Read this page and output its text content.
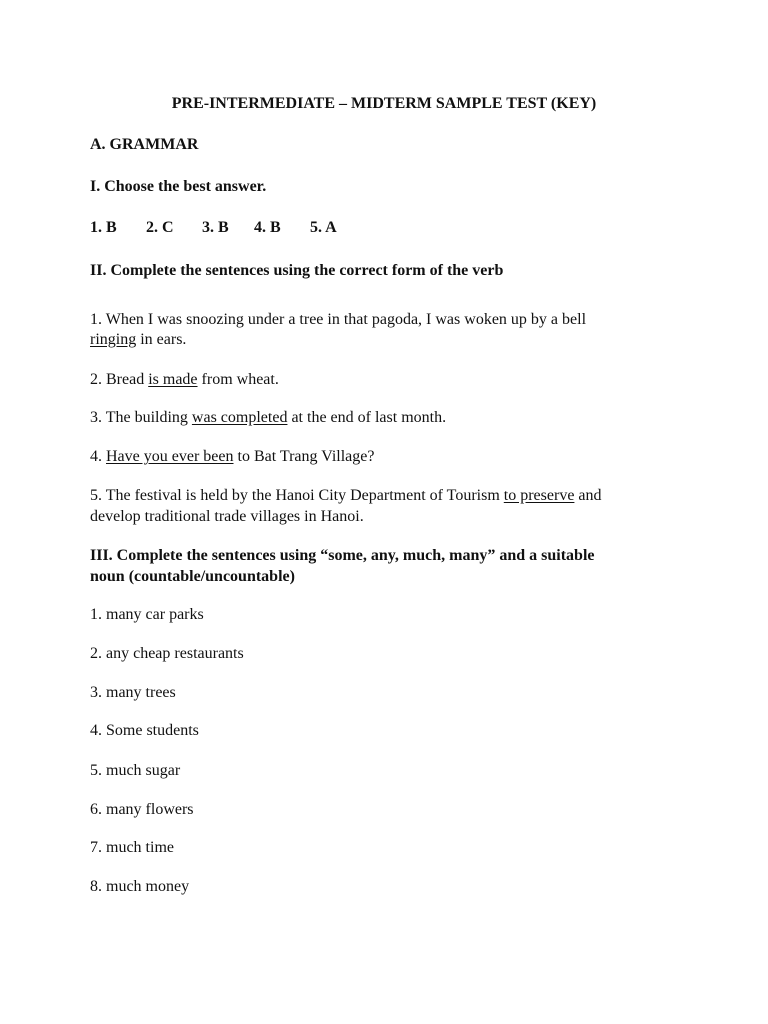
PRE-INTERMEDIATE – MIDTERM SAMPLE TEST (KEY)
A. GRAMMAR
I. Choose the best answer.
1. B 2. C 3. B 4. B 5. A
II. Complete the sentences using the correct form of the verb
1. When I was snoozing under a tree in that pagoda, I was woken up by a bell
ringing in ears.
2. Bread is made from wheat.
3. The building was completed at the end of last month.
4. Have you ever been to Bat Trang Village?
5. The festival is held by the Hanoi City Department of Tourism to preserve and
develop traditional trade villages in Hanoi.
III. Complete the sentences using “some, any, much, many” and a suitable
noun (countable/uncountable)
1. many car parks
2. any cheap restaurants
3. many trees
4. Some students
5. much sugar
6. many flowers
7. much time
8. much money
